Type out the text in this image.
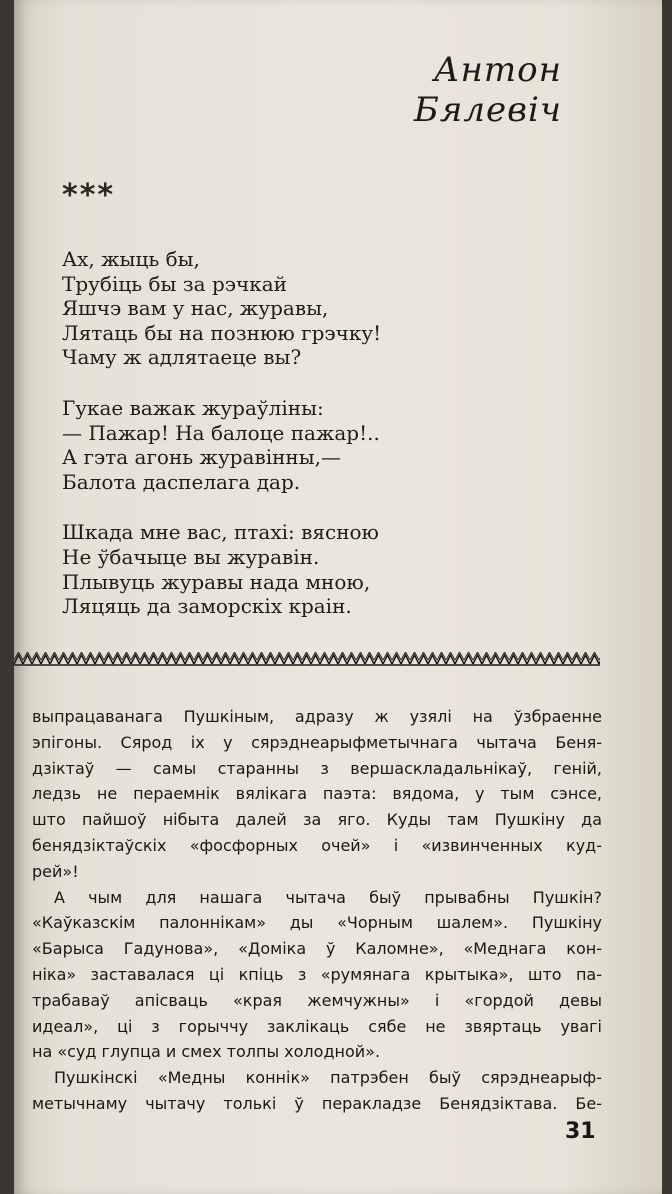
Антон
Бялевіч
***
Ах, жыць бы,
Трубіць бы за рэчкай
Яшчэ вам у нас, журавы,
Лятаць бы на познюю грэчку!
Чаму ж адлятаеце вы?
Гукае важак жураўліны:
— Пажар! На балоце пажар!..
А гэта агонь журавінны,—
Балота даспелага дар.
Шкада мне вас, птахі: вясною
Не ўбачыце вы журавін.
Плывуць журавы нада мною,
Ляцяць да заморскіх краін.

выпрацаванага Пушкіным, адразу ж узялі на ўзбраенне
эпігоны. Сярод іх у сярэднеарыфметычнага чытача Беня-
дзіктаў — самы старанны з вершаскладальнікаў, геній,
ледзь не пераемнік вялікага паэта: вядома, у тым сэнсе,
што пайшоў нібыта далей за яго. Куды там Пушкіну да
бенядзіктаўскіх «фосфорных очей» і «извинченных куд-
рей»!

А чым для нашага чытача быў прывабны Пушкін?
«Каўказскім палоннікам» ды «Чорным шалем». Пушкіну
«Барыса Гадунова», «Доміка ў Каломне», «Меднага кон-
ніка» заставалася ці кпіць з «румянага крытыка», што па-
трабаваў апісваць «края жемчужны» і «гордой девы
идеал», ці з горыччу заклікаць сябе не звяртаць увагі
на «суд глупца и смех толпы холодной».

Пушкінскі «Медны коннік» патрэбен быў сярэднеарыф-
метычнаму чытачу толькі ў перакладзе Бенядзіктава. Бе-

31
